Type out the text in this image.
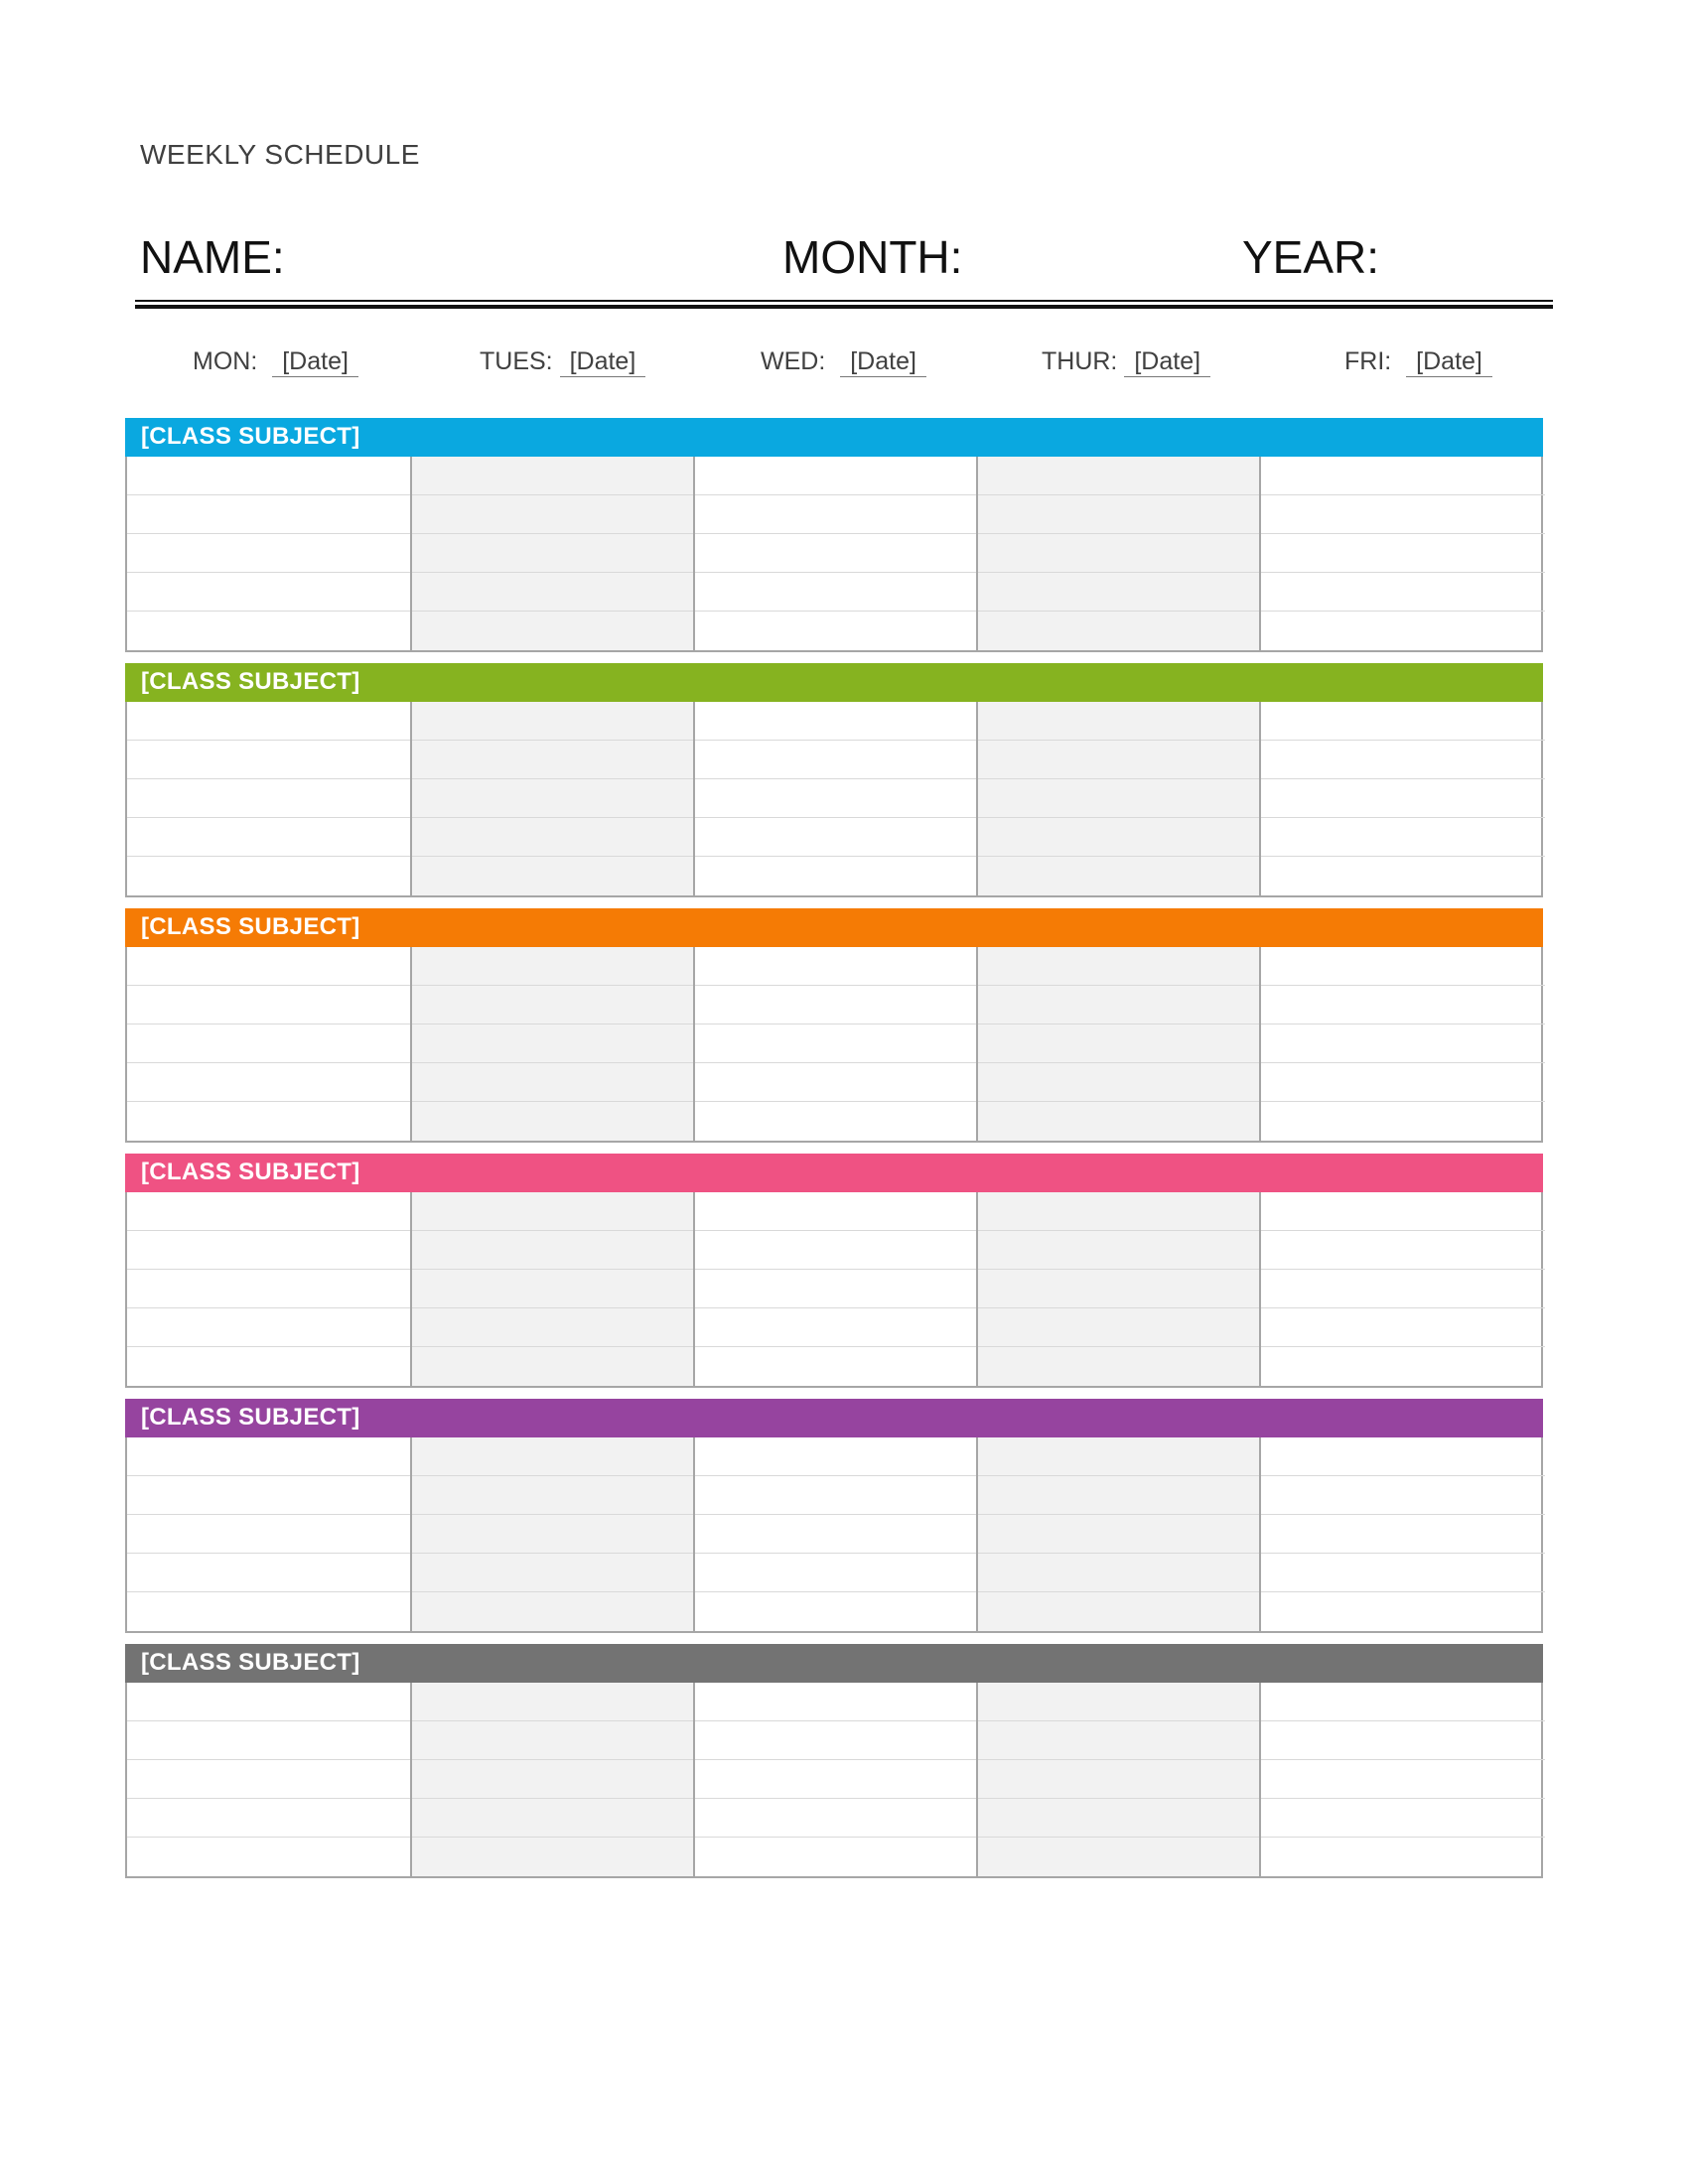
WEEKLY SCHEDULE
NAME:	MONTH:	YEAR:
MON: [Date]	TUES: [Date]	WED: [Date]	THUR: [Date]	FRI: [Date]
[CLASS SUBJECT]
[CLASS SUBJECT]
[CLASS SUBJECT]
[CLASS SUBJECT]
[CLASS SUBJECT]
[CLASS SUBJECT]
